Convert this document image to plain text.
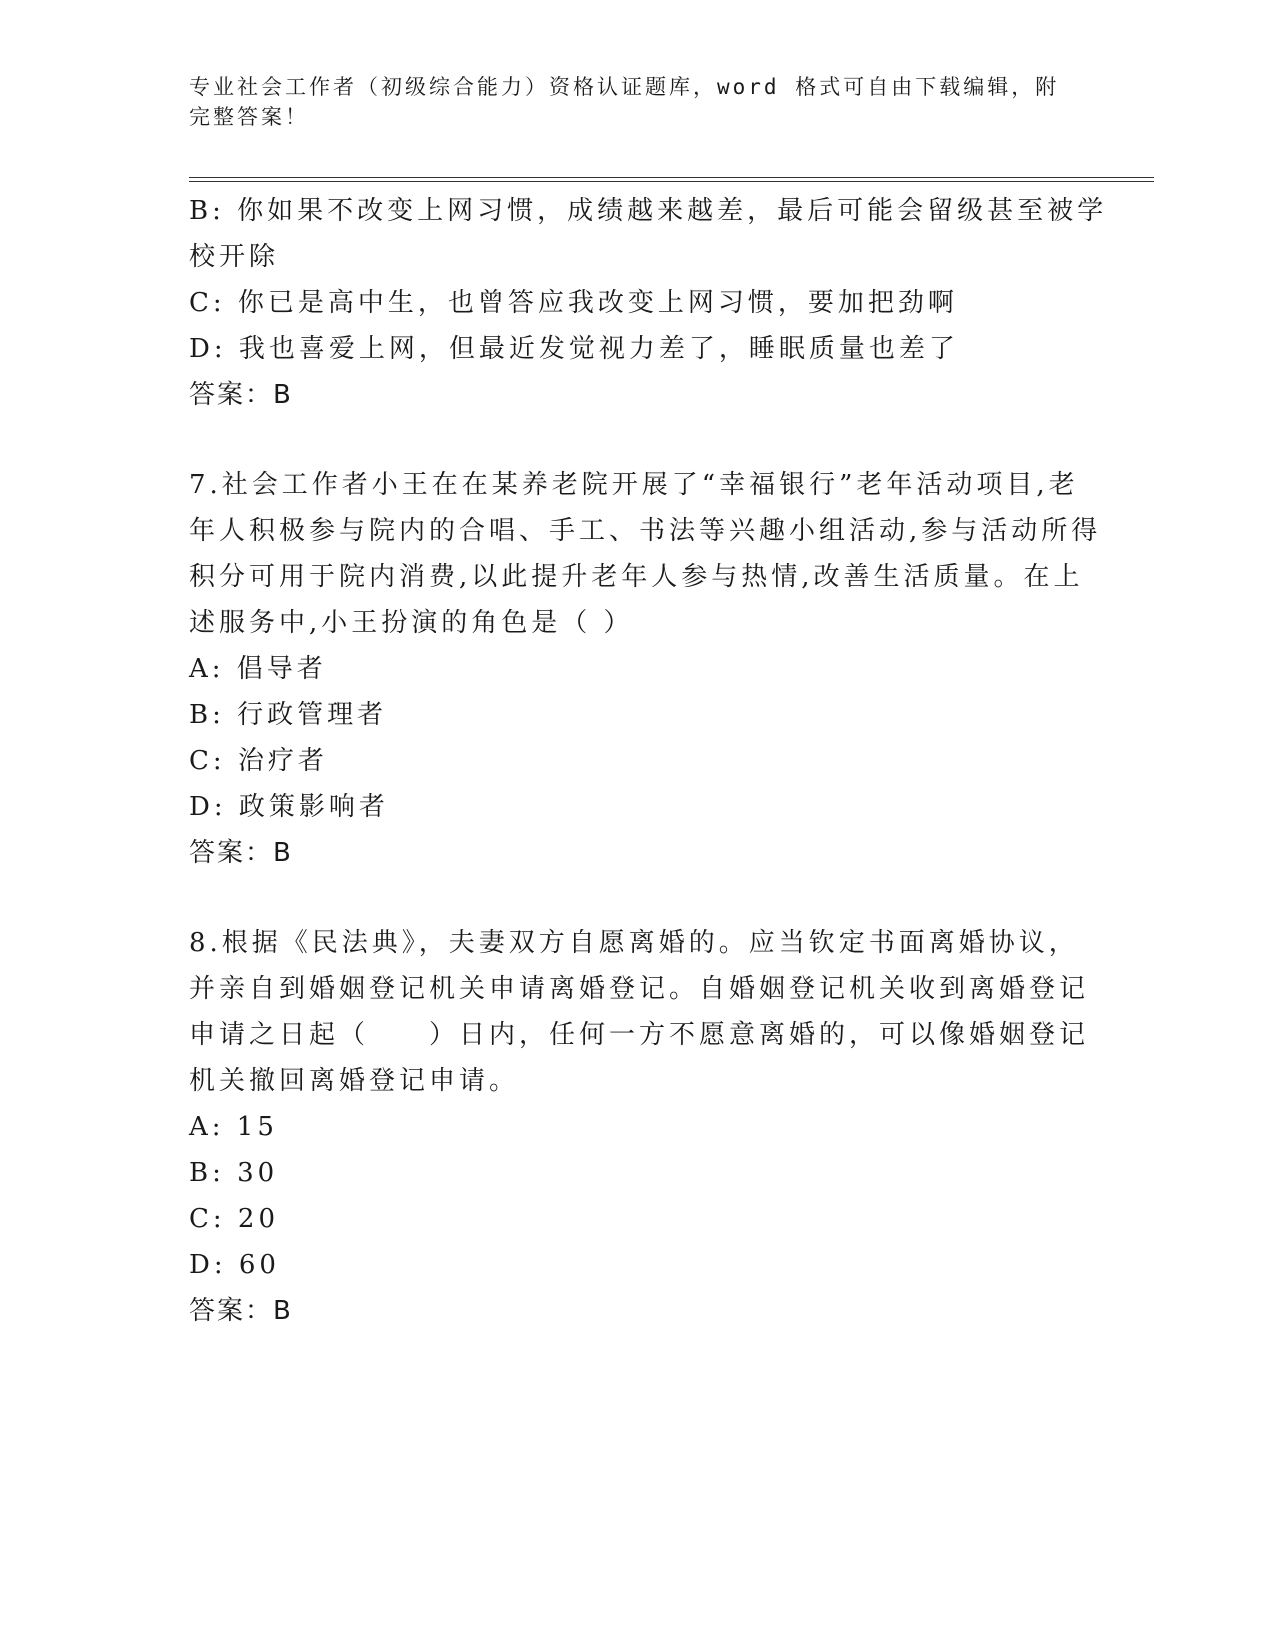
专业社会工作者（初级综合能力）资格认证题库，word 格式可自由下载编辑，附
完整答案！
B: 你如果不改变上网习惯，成绩越来越差，最后可能会留级甚至被学
校开除
C: 你已是高中生，也曾答应我改变上网习惯，要加把劲啊
D: 我也喜爱上网，但最近发觉视力差了，睡眠质量也差了
答案：B
7.社会工作者小王在在某养老院开展了“幸福银行”老年活动项目,老
年人积极参与院内的合唱、手工、书法等兴趣小组活动,参与活动所得
积分可用于院内消费,以此提升老年人参与热情,改善生活质量。在上
述服务中,小王扮演的角色是（ ）
A: 倡导者
B: 行政管理者
C: 治疗者
D: 政策影响者
答案：B
8.根据《民法典》，夫妻双方自愿离婚的。应当钦定书面离婚协议，
并亲自到婚姻登记机关申请离婚登记。自婚姻登记机关收到离婚登记
申请之日起（　　）日内，任何一方不愿意离婚的，可以像婚姻登记
机关撤回离婚登记申请。
A: 15
B: 30
C: 20
D: 60
答案：B
